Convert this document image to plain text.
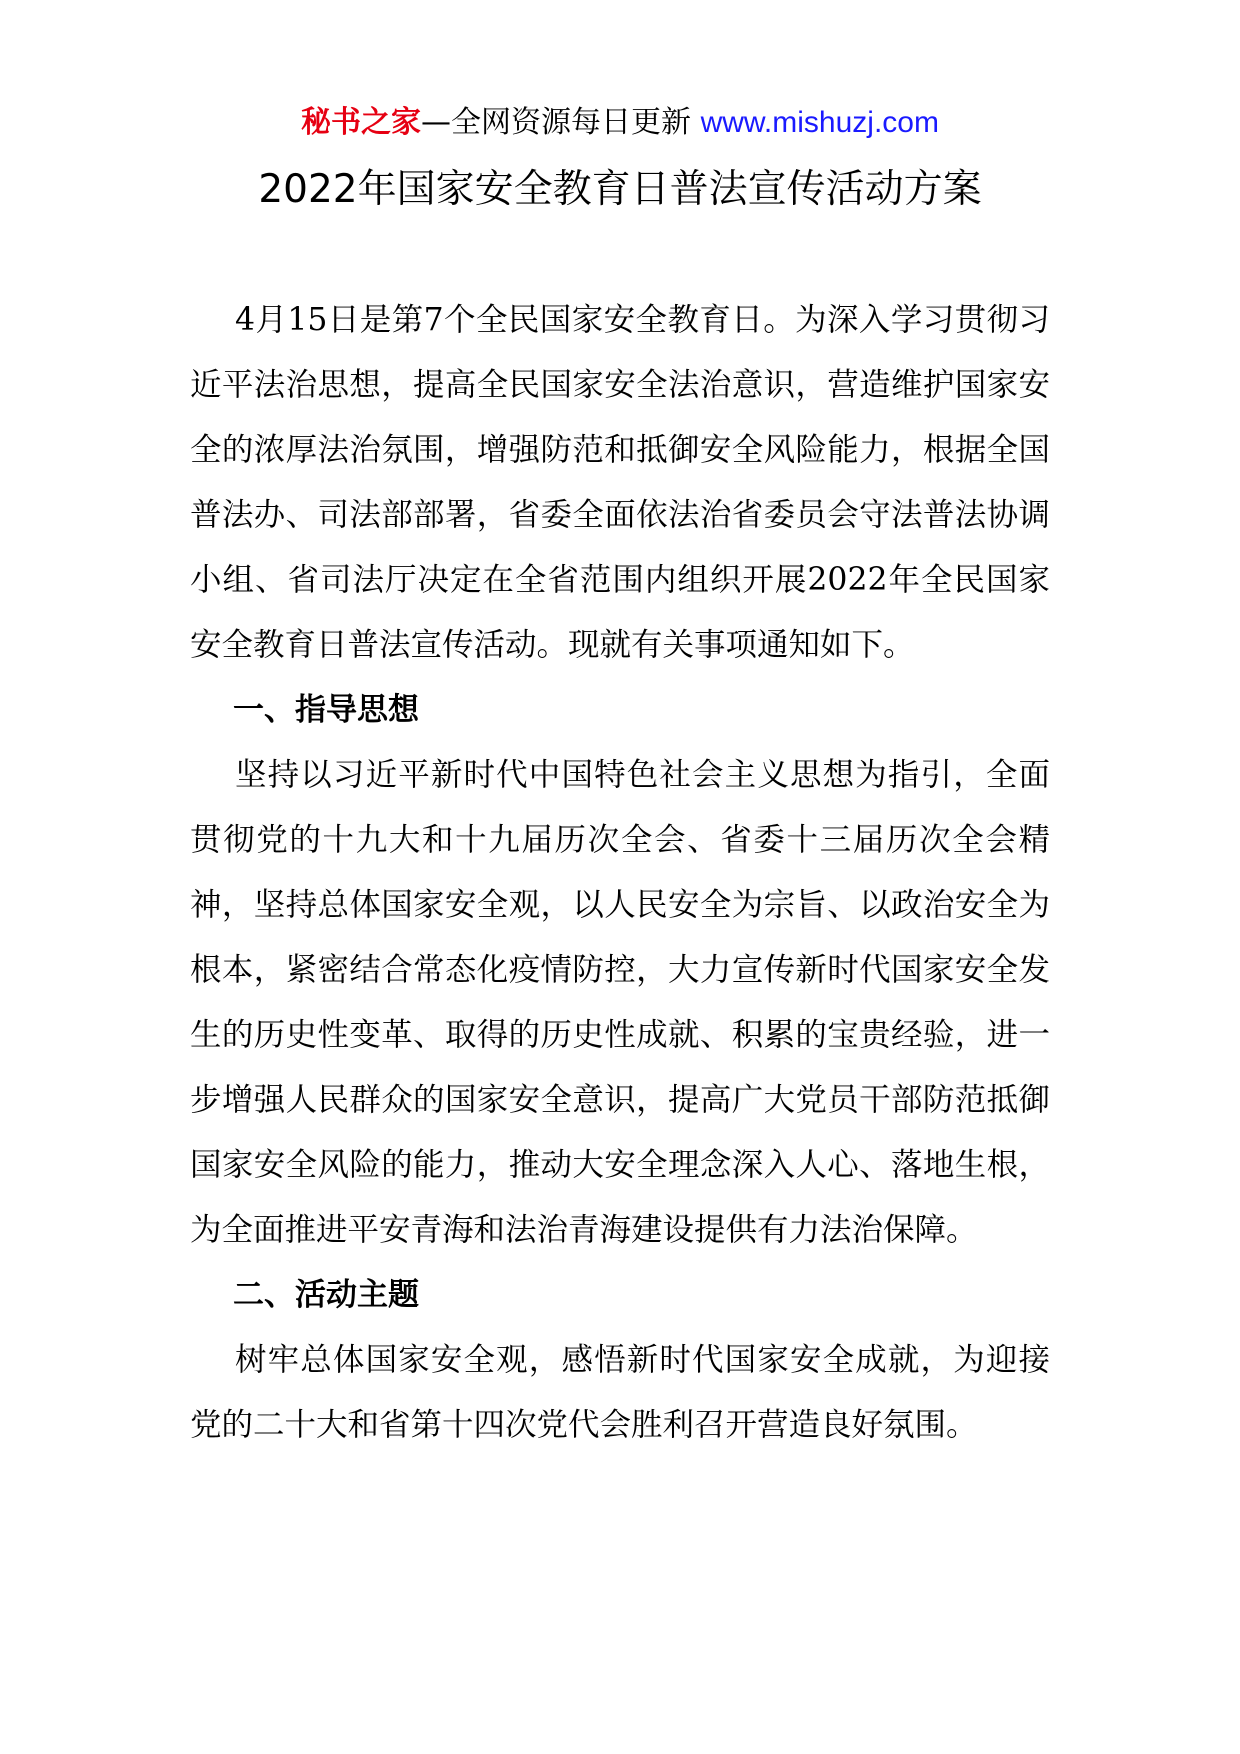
秘书之家—全网资源每日更新 www.mishuzj.com
2022年国家安全教育日普法宣传活动方案

4月15日是第7个全民国家安全教育日。为深入学习贯彻习近平法治思想，提高全民国家安全法治意识，营造维护国家安全的浓厚法治氛围，增强防范和抵御安全风险能力，根据全国普法办、司法部部署，省委全面依法治省委员会守法普法协调小组、省司法厅决定在全省范围内组织开展2022年全民国家安全教育日普法宣传活动。现就有关事项通知如下。

一、指导思想

坚持以习近平新时代中国特色社会主义思想为指引，全面贯彻党的十九大和十九届历次全会、省委十三届历次全会精神，坚持总体国家安全观，以人民安全为宗旨、以政治安全为根本，紧密结合常态化疫情防控，大力宣传新时代国家安全发生的历史性变革、取得的历史性成就、积累的宝贵经验，进一步增强人民群众的国家安全意识，提高广大党员干部防范抵御国家安全风险的能力，推动大安全理念深入人心、落地生根，为全面推进平安青海和法治青海建设提供有力法治保障。

二、活动主题

树牢总体国家安全观，感悟新时代国家安全成就，为迎接党的二十大和省第十四次党代会胜利召开营造良好氛围。
